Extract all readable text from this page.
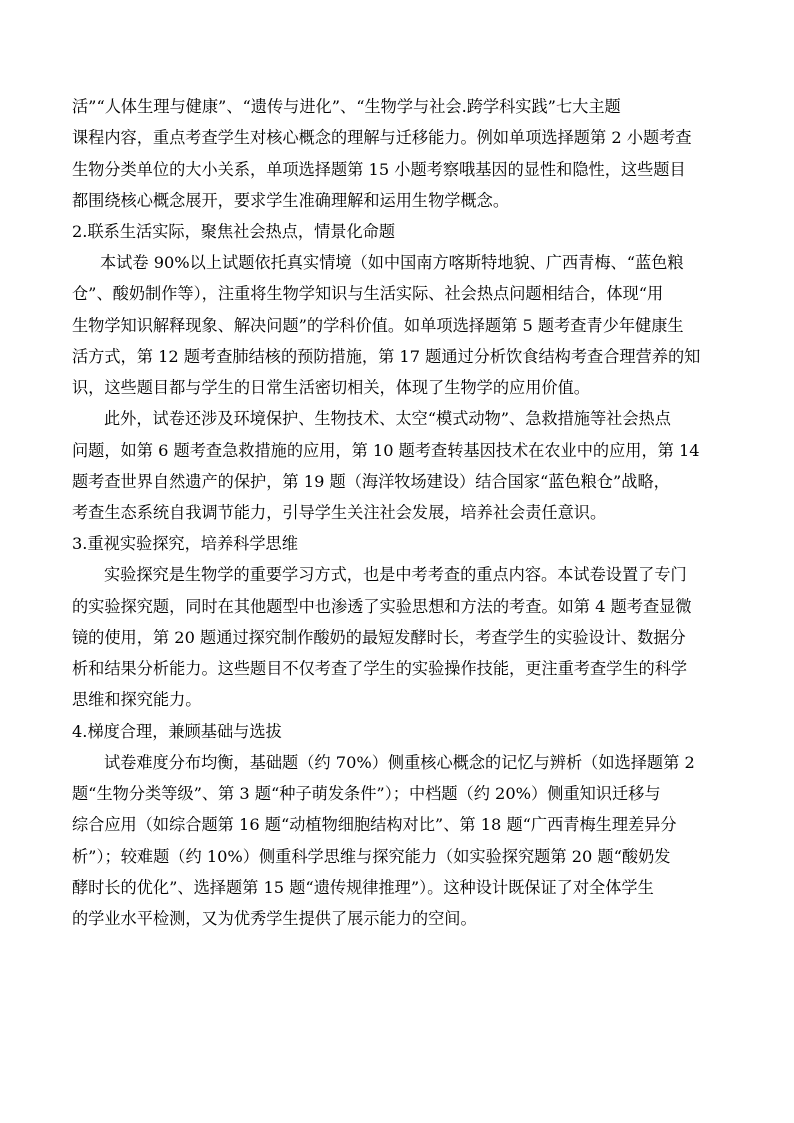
活”“人体生理与健康”、“遗传与进化”、“生物学与社会.跨学科实践”七大主题
课程内容，重点考查学生对核心概念的理解与迁移能力。例如单项选择题第 2 小题考查
生物分类单位的大小关系，单项选择题第 15 小题考察哦基因的显性和隐性，这些题目
都围绕核心概念展开，要求学生准确理解和运用生物学概念。
2.联系生活实际，聚焦社会热点，情景化命题
本试卷 90%以上试题依托真实情境（如中国南方喀斯特地貌、广西青梅、“蓝色粮
仓”、酸奶制作等），注重将生物学知识与生活实际、社会热点问题相结合，体现“用
生物学知识解释现象、解决问题”的学科价值。如单项选择题第 5 题考查青少年健康生
活方式，第 12 题考查肺结核的预防措施，第 17 题通过分析饮食结构考查合理营养的知
识，这些题目都与学生的日常生活密切相关，体现了生物学的应用价值。
此外，试卷还涉及环境保护、生物技术、太空“模式动物”、急救措施等社会热点
问题，如第 6 题考查急救措施的应用，第 10 题考查转基因技术在农业中的应用，第 14
题考查世界自然遗产的保护，第 19 题（海洋牧场建设）结合国家“蓝色粮仓”战略，
考查生态系统自我调节能力，引导学生关注社会发展，培养社会责任意识。
3.重视实验探究，培养科学思维
实验探究是生物学的重要学习方式，也是中考考查的重点内容。本试卷设置了专门
的实验探究题，同时在其他题型中也渗透了实验思想和方法的考查。如第 4 题考查显微
镜的使用，第 20 题通过探究制作酸奶的最短发酵时长，考查学生的实验设计、数据分
析和结果分析能力。这些题目不仅考查了学生的实验操作技能，更注重考查学生的科学
思维和探究能力。
4.梯度合理，兼顾基础与选拔
试卷难度分布均衡，基础题（约 70%）侧重核心概念的记忆与辨析（如选择题第 2
题“生物分类等级”、第 3 题“种子萌发条件”）；中档题（约 20%）侧重知识迁移与
综合应用（如综合题第 16 题“动植物细胞结构对比”、第 18 题“广西青梅生理差异分
析”）；较难题（约 10%）侧重科学思维与探究能力（如实验探究题第 20 题“酸奶发
酵时长的优化”、选择题第 15 题“遗传规律推理”）。这种设计既保证了对全体学生
的学业水平检测，又为优秀学生提供了展示能力的空间。
